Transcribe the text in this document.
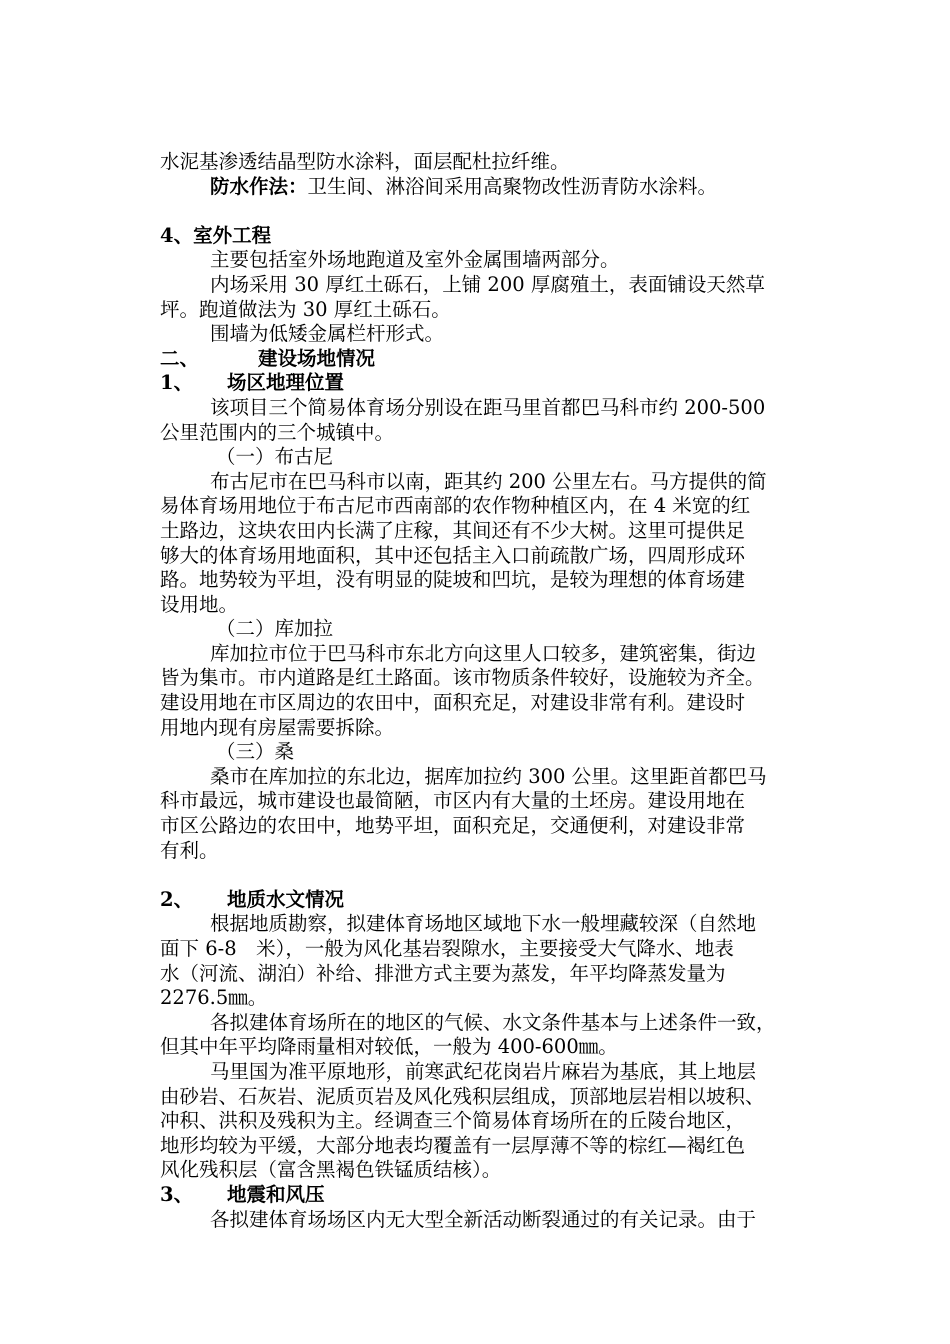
水泥基渗透结晶型防水涂料，面层配杜拉纤维。
防水作法：卫生间、淋浴间采用高聚物改性沥青防水涂料。
4、室外工程
主要包括室外场地跑道及室外金属围墙两部分。
内场采用 30 厚红土砾石，上铺 200 厚腐殖土，表面铺设天然草
坪。跑道做法为 30 厚红土砾石。
围墙为低矮金属栏杆形式。
二、	建设场地情况
1、 场区地理位置
该项目三个简易体育场分别设在距马里首都巴马科市约 200-500
公里范围内的三个城镇中。
（一）布古尼
布古尼市在巴马科市以南，距其约 200 公里左右。马方提供的简
易体育场用地位于布古尼市西南部的农作物种植区内，在 4 米宽的红
土路边，这块农田内长满了庄稼，其间还有不少大树。这里可提供足
够大的体育场用地面积，其中还包括主入口前疏散广场，四周形成环
路。地势较为平坦，没有明显的陡坡和凹坑，是较为理想的体育场建
设用地。
（二）库加拉
库加拉市位于巴马科市东北方向这里人口较多，建筑密集，街边
皆为集市。市内道路是红土路面。该市物质条件较好，设施较为齐全。
建设用地在市区周边的农田中，面积充足，对建设非常有利。建设时
用地内现有房屋需要拆除。
（三）桑
桑市在库加拉的东北边，据库加拉约 300 公里。这里距首都巴马
科市最远，城市建设也最简陋，市区内有大量的土坯房。建设用地在
市区公路边的农田中，地势平坦，面积充足，交通便利，对建设非常
有利。
2、 地质水文情况
根据地质勘察，拟建体育场地区域地下水一般埋藏较深（自然地
面下 6-8　米），一般为风化基岩裂隙水，主要接受大气降水、地表
水（河流、湖泊）补给、排泄方式主要为蒸发，年平均降蒸发量为
2276.5㎜。
各拟建体育场所在的地区的气候、水文条件基本与上述条件一致，
但其中年平均降雨量相对较低，一般为 400-600㎜。
马里国为准平原地形，前寒武纪花岗岩片麻岩为基底，其上地层
由砂岩、石灰岩、泥质页岩及风化残积层组成，顶部地层岩相以坡积、
冲积、洪积及残积为主。经调查三个简易体育场所在的丘陵台地区，
地形均较为平缓，大部分地表均覆盖有一层厚薄不等的棕红—褐红色
风化残积层（富含黑褐色铁锰质结核）。
3、 地震和风压
各拟建体育场场区内无大型全新活动断裂通过的有关记录。由于
